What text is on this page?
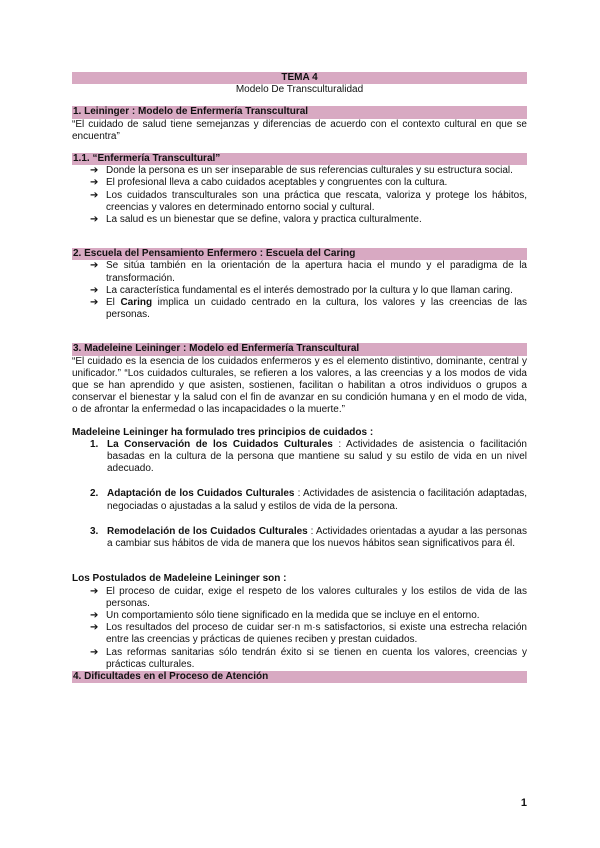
TEMA 4
Modelo De Transculturalidad
1. Leininger : Modelo de Enfermería Transcultural
“El cuidado de salud tiene semejanzas y diferencias de acuerdo con el contexto cultural en que se encuentra”
1.1. “Enfermería Transcultural”
➔ Donde la persona es un ser inseparable de sus referencias culturales y su estructura social.
➔ El profesional lleva a cabo cuidados aceptables y congruentes con la cultura.
➔ Los cuidados transculturales son una práctica que rescata, valoriza y protege los hábitos, creencias y valores en determinado entorno social y cultural.
➔ La salud es un bienestar que se define, valora y practica culturalmente.
2. Escuela del Pensamiento Enfermero : Escuela del Caring
➔ Se sitúa también en la orientación de la apertura hacia el mundo y el paradigma de la transformación.
➔ La característica fundamental es el interés demostrado por la cultura y lo que llaman caring.
➔ El Caring implica un cuidado centrado en la cultura, los valores y las creencias de las personas.
3. Madeleine Leininger : Modelo ed Enfermería Transcultural
“El cuidado es la esencia de los cuidados enfermeros y es el elemento distintivo, dominante, central y unificador.” “Los cuidados culturales, se refieren a los valores, a las creencias y a los modos de vida que se han aprendido y que asisten, sostienen, facilitan o habilitan a otros individuos o grupos a conservar el bienestar y la salud con el fin de avanzar en su condición humana y en el modo de vida, o de afrontar la enfermedad o las incapacidades o la muerte.”
Madeleine Leininger ha formulado tres principios de cuidados :
1. La Conservación de los Cuidados Culturales : Actividades de asistencia o facilitación basadas en la cultura de la persona que mantiene su salud y su estilo de vida en un nivel adecuado.
2. Adaptación de los Cuidados Culturales : Actividades de asistencia o facilitación adaptadas, negociadas o ajustadas a la salud y estilos de vida de la persona.
3. Remodelación de los Cuidados Culturales : Actividades orientadas a ayudar a las personas a cambiar sus hábitos de vida de manera que los nuevos hábitos sean significativos para él.
Los Postulados de Madeleine Leininger son :
➔ El proceso de cuidar, exige el respeto de los valores culturales y los estilos de vida de las personas.
➔ Un comportamiento sólo tiene significado en la medida que se incluye en el entorno.
➔ Los resultados del proceso de cuidar ser·n m·s satisfactorios, si existe una estrecha relación entre las creencias y prácticas de quienes reciben y prestan cuidados.
➔ Las reformas sanitarias sólo tendrán éxito si se tienen en cuenta los valores, creencias y prácticas culturales.
4. Dificultades en el Proceso de Atención
1
